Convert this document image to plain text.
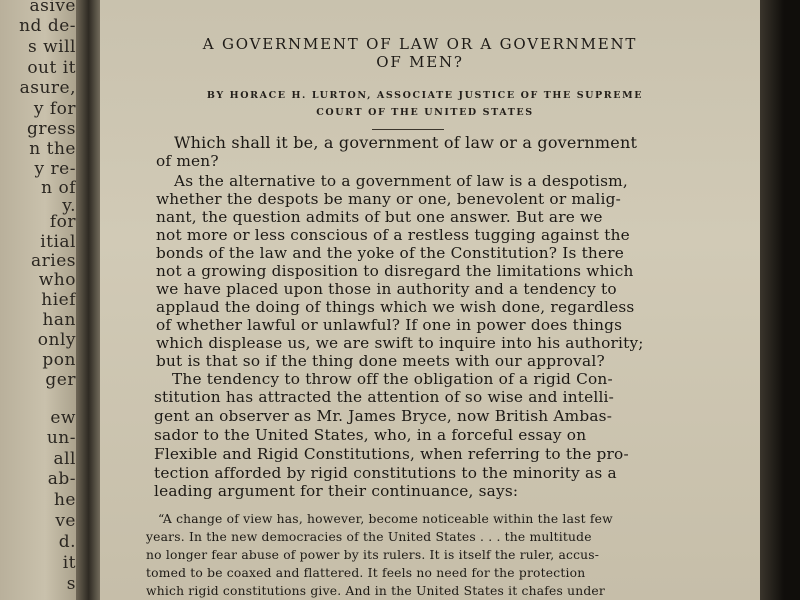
asive
nd de-
s will
out it
asure,
y for
gress
n the
y re-
n of
y.
for
itial
aries
who
hief
han
only
pon
ger
ew
un-
all
ab-
he
ve
d.
it
s
A GOVERNMENT OF LAW OR A GOVERNMENT
OF MEN?
BY HORACE H. LURTON, ASSOCIATE JUSTICE OF THE SUPREME
COURT OF THE UNITED STATES
Which shall it be, a government of law or a government
of men?
As the alternative to a government of law is a despotism,
whether the despots be many or one, benevolent or malig-
nant, the question admits of but one answer. But are we
not more or less conscious of a restless tugging against the
bonds of the law and the yoke of the Constitution? Is there
not a growing disposition to disregard the limitations which
we have placed upon those in authority and a tendency to
applaud the doing of things which we wish done, regardless
of whether lawful or unlawful? If one in power does things
which displease us, we are swift to inquire into his authority;
but is that so if the thing done meets with our approval?
The tendency to throw off the obligation of a rigid Con-
stitution has attracted the attention of so wise and intelli-
gent an observer as Mr. James Bryce, now British Ambas-
sador to the United States, who, in a forceful essay on
Flexible and Rigid Constitutions, when referring to the pro-
tection afforded by rigid constitutions to the minority as a
leading argument for their continuance, says:
“A change of view has, however, become noticeable within the last few
years. In the new democracies of the United States . . . the multitude
no longer fear abuse of power by its rulers. It is itself the ruler, accus-
tomed to be coaxed and flattered. It feels no need for the protection
which rigid constitutions give. And in the United States it chafes under
